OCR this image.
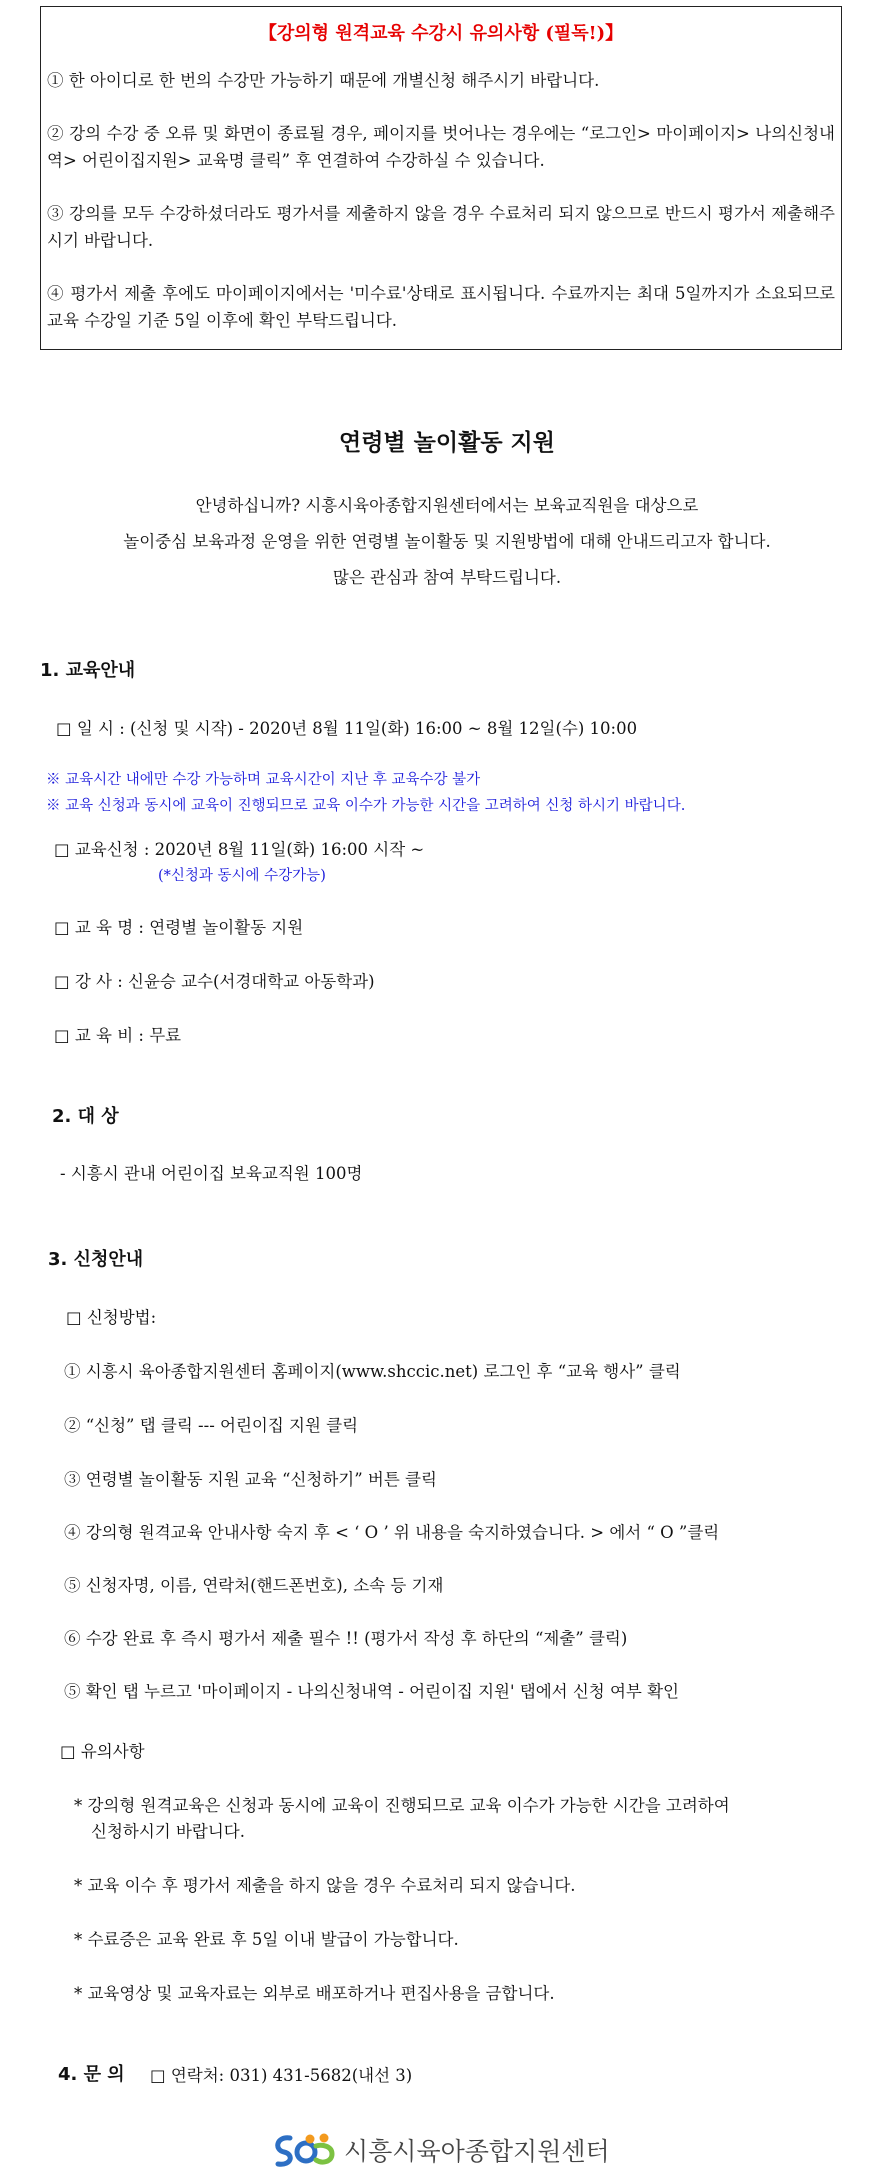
【강의형 원격교육 수강시 유의사항 (필독!)】
① 한 아이디로 한 번의 수강만 가능하기 때문에 개별신청 해주시기 바랍니다.
② 강의 수강 중 오류 및 화면이 종료될 경우, 페이지를 벗어나는 경우에는 “로그인> 마이페이지> 나의신청내역> 어린이집지원> 교육명 클릭” 후 연결하여 수강하실 수 있습니다.
③ 강의를 모두 수강하셨더라도 평가서를 제출하지 않을 경우 수료처리 되지 않으므로 반드시 평가서 제출해주시기 바랍니다.
④ 평가서 제출 후에도 마이페이지에서는 '미수료'상태로 표시됩니다. 수료까지는 최대 5일까지가 소요되므로 교육 수강일 기준 5일 이후에 확인 부탁드립니다.
연령별 놀이활동 지원
안녕하십니까? 시흥시육아종합지원센터에서는 보육교직원을 대상으로
놀이중심 보육과정 운영을 위한 연령별 놀이활동 및 지원방법에 대해 안내드리고자 합니다.
많은 관심과 참여 부탁드립니다.
1. 교육안내
□ 일 시 : (신청 및 시작) - 2020년 8월 11일(화) 16:00 ~ 8월 12일(수) 10:00
※ 교육시간 내에만 수강 가능하며 교육시간이 지난 후 교육수강 불가
※ 교육 신청과 동시에 교육이 진행되므로 교육 이수가 가능한 시간을 고려하여 신청 하시기 바랍니다.
□ 교육신청 : 2020년 8월 11일(화) 16:00 시작 ~
(*신청과 동시에 수강가능)
□ 교 육 명 : 연령별 놀이활동 지원
□ 강 사 : 신윤승 교수(서경대학교 아동학과)
□ 교 육 비 : 무료
2. 대 상
- 시흥시 관내 어린이집 보육교직원 100명
3. 신청안내
□ 신청방법:
① 시흥시 육아종합지원센터 홈페이지(www.shccic.net) 로그인 후 “교육 행사” 클릭
② “신청” 탭 클릭 --- 어린이집 지원 클릭
③ 연령별 놀이활동 지원 교육 “신청하기” 버튼 클릭
④ 강의형 원격교육 안내사항 숙지 후 < ‘ O ’ 위 내용을 숙지하였습니다. > 에서 “ O ”클릭
⑤ 신청자명, 이름, 연락처(핸드폰번호), 소속 등 기재
⑥ 수강 완료 후 즉시 평가서 제출 필수 !! (평가서 작성 후 하단의 “제출” 클릭)
⑤ 확인 탭 누르고 '마이페이지 - 나의신청내역 - 어린이집 지원' 탭에서 신청 여부 확인
□ 유의사항
* 강의형 원격교육은 신청과 동시에 교육이 진행되므로 교육 이수가 가능한 시간을 고려하여
신청하시기 바랍니다.
* 교육 이수 후 평가서 제출을 하지 않을 경우 수료처리 되지 않습니다.
* 수료증은 교육 완료 후 5일 이내 발급이 가능합니다.
* 교육영상 및 교육자료는 외부로 배포하거나 편집사용을 금합니다.
4. 문 의 □ 연락처: 031) 431-5682(내선 3)
시흥시육아종합지원센터
